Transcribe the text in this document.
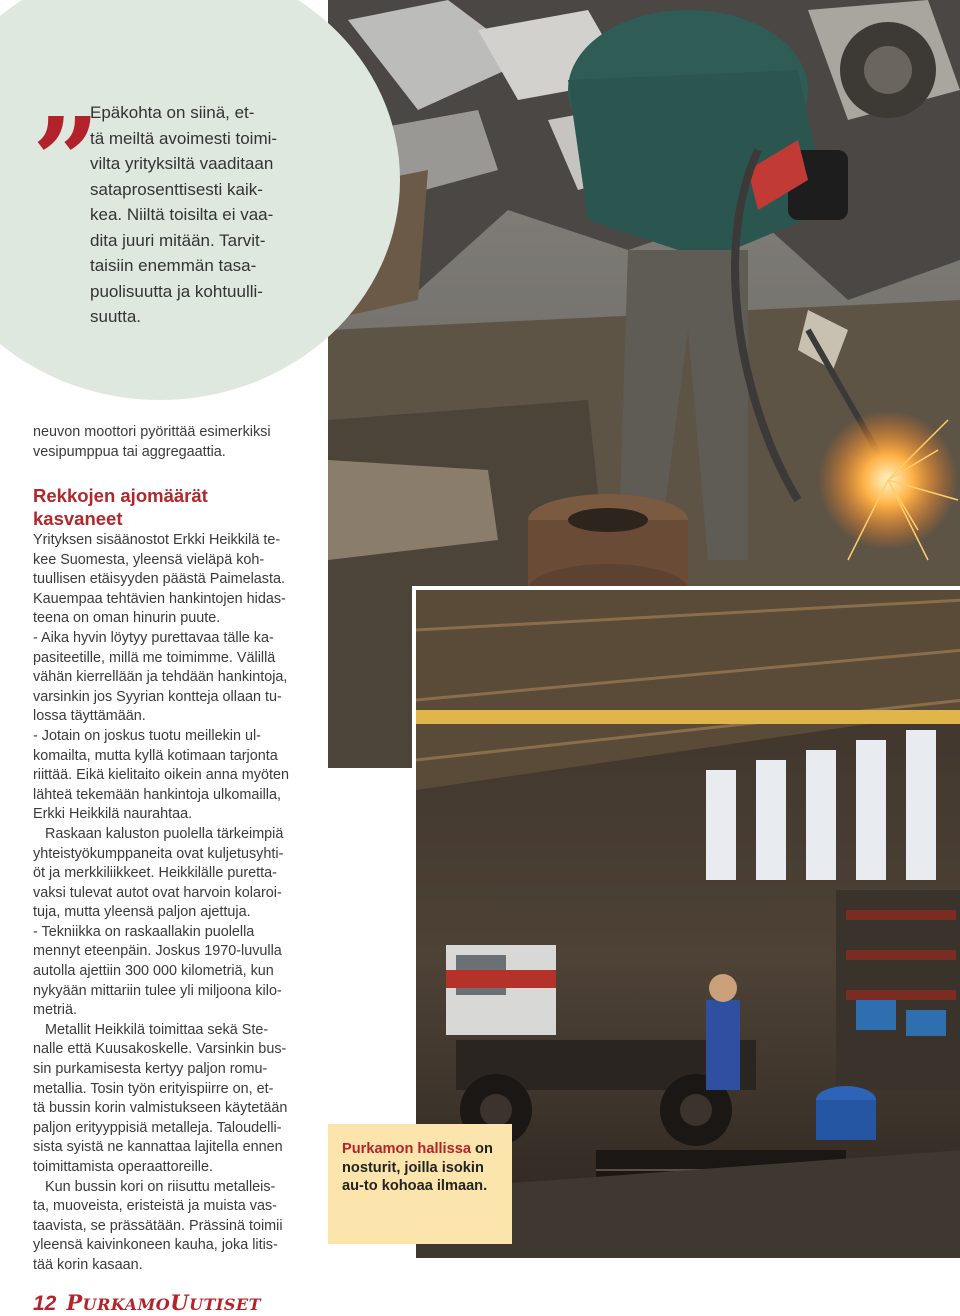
”

Epäkohta on siinä, et-
tä meiltä avoimesti toimi-
vilta yrityksiltä vaaditaan
sataprosenttisesti kaik-
kea. Niiltä toisilta ei vaa-
dita juuri mitään. Tarvit-
taisiin enemmän tasa-
puolisuutta ja kohtuulli-
suutta.

neuvon moottori pyörittää esimerkiksi
vesipumppua tai aggregaattia.

Rekkojen ajomäärät
kasvaneet

Yrityksen sisäänostot Erkki Heikkilä te-
kee Suomesta, yleensä vieläpä koh-
tuullisen etäisyyden päästä Paimelasta.
Kauempaa tehtävien hankintojen hidas-
teena on oman hinurin puute.

- Aika hyvin löytyy purettavaa tälle ka-
pasiteetille, millä me toimimme. Välillä
vähän kierrellään ja tehdään hankintoja,
varsinkin jos Syyrian kontteja ollaan tu-
lossa täyttämään.

- Jotain on joskus tuotu meillekin ul-
komailta, mutta kyllä kotimaan tarjonta
riittää. Eikä kielitaito oikein anna myöten
lähteä tekemään hankintoja ulkomailla,
Erkki Heikkilä naurahtaa.

Raskaan kaluston puolella tärkeimpiä
yhteistyökumppaneita ovat kuljetusyhti-
öt ja merkkiliikkeet. Heikkilälle puretta-
vaksi tulevat autot ovat harvoin kolaroi-
tuja, mutta yleensä paljon ajettuja.

- Tekniikka on raskaallakin puolella
mennyt eteenpäin. Joskus 1970-luvulla
autolla ajettiin 300 000 kilometriä, kun
nykyään mittariin tulee yli miljoona kilo-
metriä.

Metallit Heikkilä toimittaa sekä Ste-
nalle että Kuusakoskelle. Varsinkin bus-
sin purkamisesta kertyy paljon romu-
metallia. Tosin työn erityispiirre on, et-
tä bussin korin valmistukseen käytetään
paljon erityyppisiä metalleja. Taloudelli-
sista syistä ne kannattaa lajitella ennen
toimittamista operaattoreille.

Kun bussin kori on riisuttu metalleis-
ta, muoveista, eristeistä ja muista vas-
taavista, se prässätään. Prässinä toimii
yleensä kaivinkoneen kauha, joka litis-
tää korin kasaan.

Purkamon hallissa on nosturit, joilla isokin au-to kohoaa ilmaan.
12 PURKAMOUUTISET
